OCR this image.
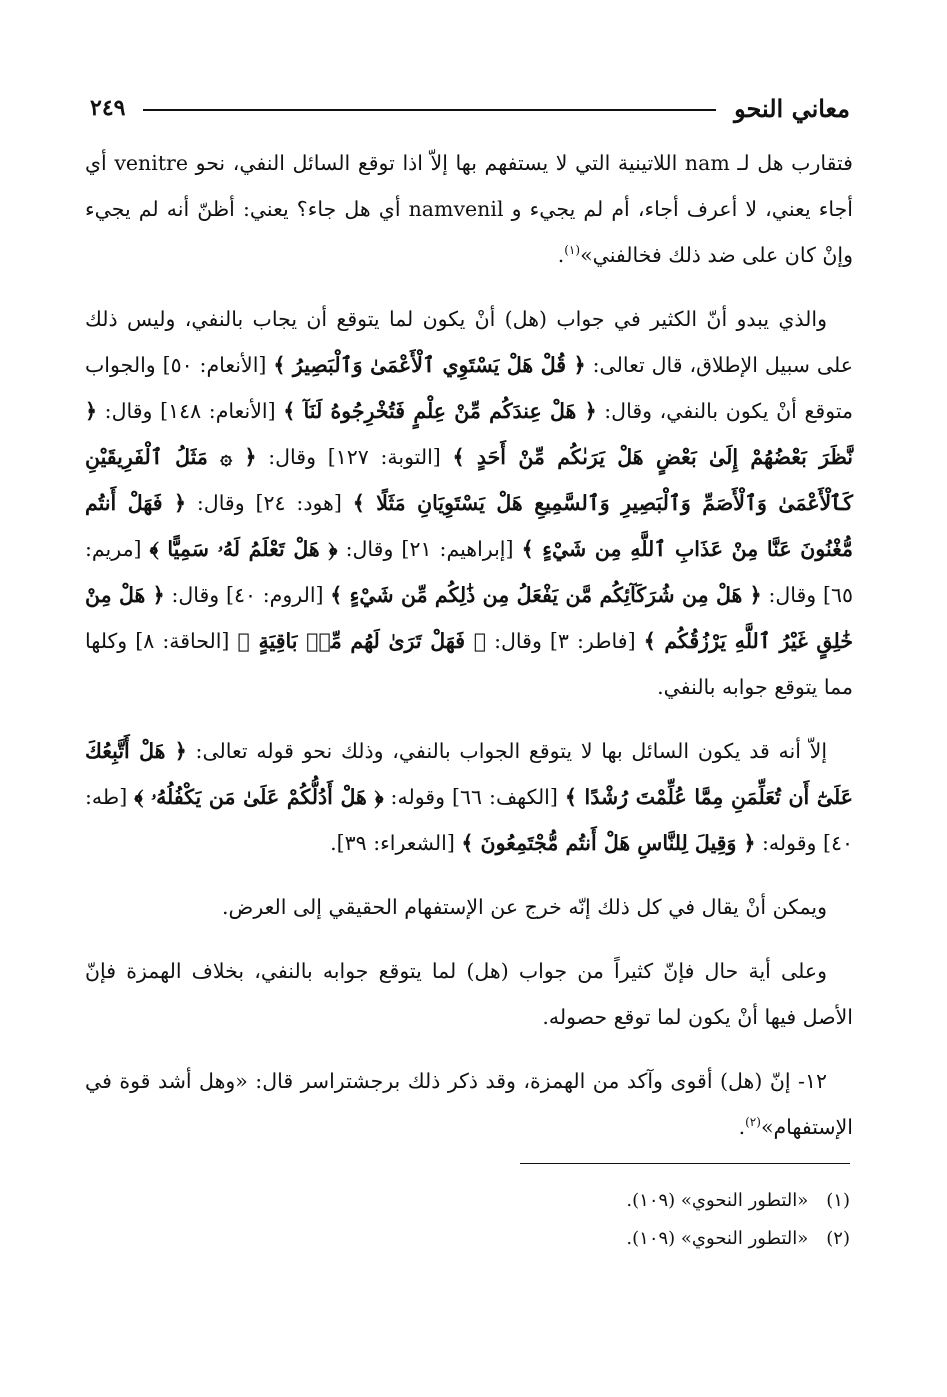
معاني النحو
٢٤٩

فتقارب هل لـ nam اللاتينية التي لا يستفهم بها إلاّ اذا توقع السائل النفي، نحو venitre أي أجاء يعني، لا أعرف أجاء، أم لم يجيء و namvenil أي هل جاء؟ يعني: أظنّ أنه لم يجيء وإنْ كان على ضد ذلك فخالفني»$^{(١)}$.

والذي يبدو أنّ الكثير في جواب (هل) أنْ يكون لما يتوقع أن يجاب بالنفي، وليس ذلك على سبيل الإطلاق، قال تعالى: ﴿ قُلْ هَلْ يَسْتَوِي ٱلْأَعْمَىٰ وَٱلْبَصِيرُ ﴾ [الأنعام: ٥٠] والجواب متوقع أنْ يكون بالنفي، وقال: ﴿ هَلْ عِندَكُم مِّنْ عِلْمٍ فَتُخْرِجُوهُ لَنَآ ﴾ [الأنعام: ١٤٨] وقال: ﴿ نَّظَرَ بَعْضُهُمْ إِلَىٰ بَعْضٍ هَلْ يَرَىٰكُم مِّنْ أَحَدٍ ﴾ [التوبة: ١٢٧] وقال: ﴿ ۞ مَثَلُ ٱلْفَرِيقَيْنِ كَٱلْأَعْمَىٰ وَٱلْأَصَمِّ وَٱلْبَصِيرِ وَٱلسَّمِيعِ هَلْ يَسْتَوِيَانِ مَثَلًا ﴾ [هود: ٢٤] وقال: ﴿ فَهَلْ أَنتُم مُّغْنُونَ عَنَّا مِنْ عَذَابِ ٱللَّهِ مِن شَيْءٍ ﴾ [إبراهيم: ٢١] وقال: ﴿ هَلْ تَعْلَمُ لَهُۥ سَمِيًّا ﴾ [مريم: ٦٥] وقال: ﴿ هَلْ مِن شُرَكَآئِكُم مَّن يَفْعَلُ مِن ذَٰلِكُم مِّن شَيْءٍ ﴾ [الروم: ٤٠] وقال: ﴿ هَلْ مِنْ خَٰلِقٍ غَيْرُ ٱللَّهِ يَرْزُقُكُم ﴾ [فاطر: ٣] وقال: ﴿ فَهَلْ تَرَىٰ لَهُم مِّنۢ بَاقِيَةٍ ﴾ [الحاقة: ٨] وكلها مما يتوقع جوابه بالنفي.

إلاّ أنه قد يكون السائل بها لا يتوقع الجواب بالنفي، وذلك نحو قوله تعالى: ﴿ هَلْ أَتَّبِعُكَ عَلَىٰٓ أَن تُعَلِّمَنِ مِمَّا عُلِّمْتَ رُشْدًا ﴾ [الكهف: ٦٦] وقوله: ﴿ هَلْ أَدُلُّكُمْ عَلَىٰ مَن يَكْفُلُهُۥ ﴾ [طه: ٤٠] وقوله: ﴿ وَقِيلَ لِلنَّاسِ هَلْ أَنتُم مُّجْتَمِعُونَ ﴾ [الشعراء: ٣٩].

ويمكن أنْ يقال في كل ذلك إنّه خرج عن الإستفهام الحقيقي إلى العرض.

وعلى أية حال فإنّ كثيراً من جواب (هل) لما يتوقع جوابه بالنفي، بخلاف الهمزة فإنّ الأصل فيها أنْ يكون لما توقع حصوله.

١٢- إنّ (هل) أقوى وآكد من الهمزة، وقد ذكر ذلك برجشتراسر قال: «وهل أشد قوة في الإستفهام»$^{(٢)}$.

(١)
«التطور النحوي» (١٠٩).
(٢)
«التطور النحوي» (١٠٩).
